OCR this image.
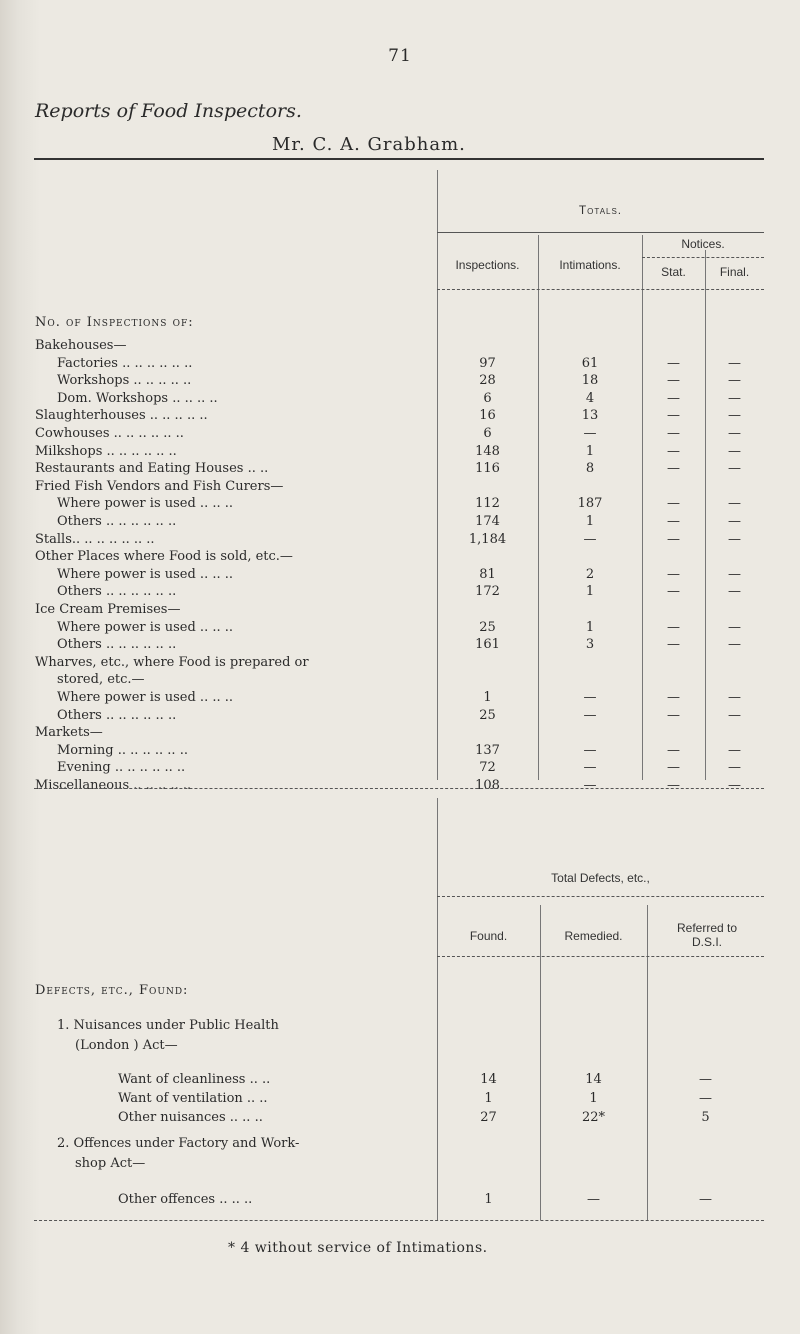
71
Reports of Food Inspectors.
Mr. C. A. Grabham.
Totals.
Inspections.	Intimations.
Notices.
Stat.	Final.
No. of Inspections of:
Bakehouses—
Factories .. .. .. .. .. ..	97	61	—	—
Workshops .. .. .. .. ..	28	18	—	—
Dom. Workshops .. .. .. ..	6	4	—	—
Slaughterhouses .. .. .. .. ..	16	13	—	—
Cowhouses .. .. .. .. .. ..	6	—	—	—
Milkshops .. .. .. .. .. ..	148	1	—	—
Restaurants and Eating Houses .. ..	116	8	—	—
Fried Fish Vendors and Fish Curers—
Where power is used .. .. ..	112	187	—	—
Others .. .. .. .. .. ..	174	1	—	—
Stalls.. .. .. .. .. .. ..	1,184	—	—	—
Other Places where Food is sold, etc.—
Where power is used .. .. ..	81	2	—	—
Others .. .. .. .. .. ..	172	1	—	—
Ice Cream Premises—
Where power is used .. .. ..	25	1	—	—
Others .. .. .. .. .. ..	161	3	—	—
Wharves, etc., where Food is prepared or
stored, etc.—
Where power is used .. .. ..	1	—	—	—
Others .. .. .. .. .. ..	25	—	—	—
Markets—
Morning .. .. .. .. .. ..	137	—	—	—
Evening .. .. .. .. .. ..	72	—	—	—
Miscellaneous .. .. .. .. ..	108	—	—	—
Total Defects, etc.,
Found.	Remedied.
Referred to D.S.I.
Defects, etc., Found:
1. Nuisances under Public Health
(London ) Act—
Want of cleanliness .. ..	14	14	—
Want of ventilation .. ..	1	1	—
Other nuisances .. .. ..	27	22*	5
2. Offences under Factory and Work-
shop Act—
Other offences .. .. ..	1	—	—
* 4 without service of Intimations.
